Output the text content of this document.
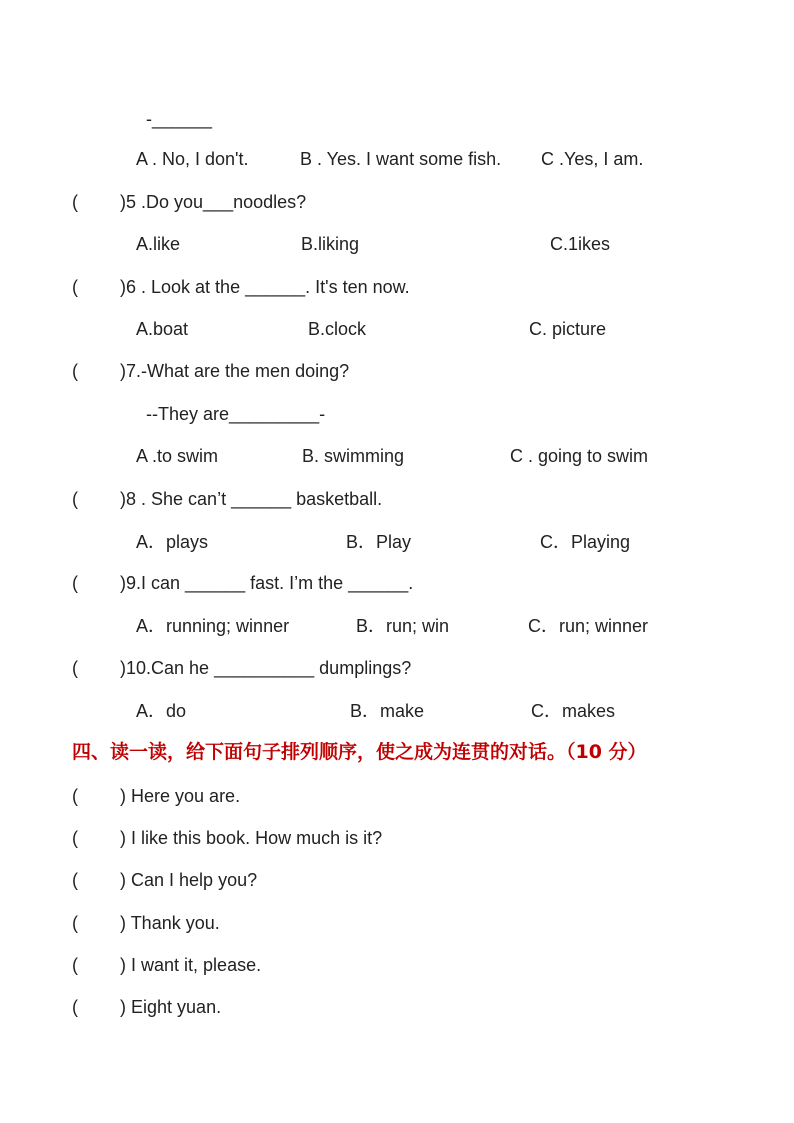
-______
A . No, I don't.	B . Yes. I want some fish. C .Yes, I am.
( )5 .Do you___noodles?
A.like	B.liking	C.1ikes
( )6 . Look at the ______. It's ten now.
A.boat	B.clock	C. picture
( )7.-What are the men doing?
--They are_________-
A .to swim	B. swimming	C . going to swim
( )8 . She can’t ______ basketball.
A．plays	B．Play	C．Playing
( )9.I can ______ fast. I’m the ______.
A．running; winner	B．run; win	C．run; winner
( )10.Can he __________ dumplings?
A．do	B．make	C．makes
四、读一读，给下面句子排列顺序，使之成为连贯的对话。（10 分）
( ) Here you are.
( ) I like this book. How much is it?
( ) Can I help you?
( ) Thank you.
( ) I want it, please.
( ) Eight yuan.
